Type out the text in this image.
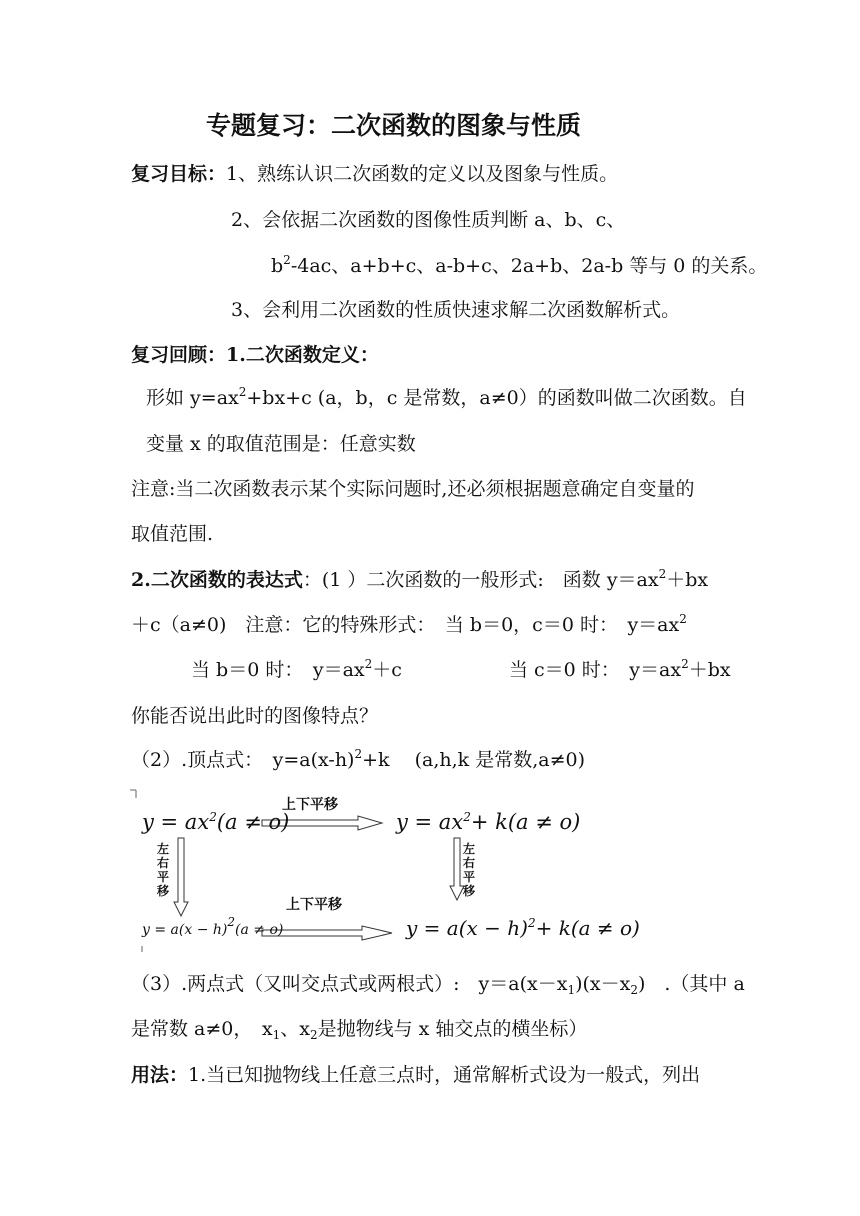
专题复习：二次函数的图象与性质
复习目标：1、熟练认识二次函数的定义以及图象与性质。
2、会依据二次函数的图像性质判断 a、b、c、
$b^2-4ac$、a+b+c、a-b+c、2a+b、2a-b 等与 0 的关系。
3、会利用二次函数的性质快速求解二次函数解析式。
复习回顾：1.二次函数定义：
形如 $y=ax^2+bx+c$ (a，b，c 是常数，a≠0）的函数叫做二次函数。自
变量 x 的取值范围是：任意实数
注意:当二次函数表示某个实际问题时,还必须根据题意确定自变量的
取值范围.
2.二次函数的表达式：(1 ）二次函数的一般形式:　函数 $y=ax^2+bx$
＋c（a≠0)　注意：它的特殊形式：　当 b＝0，c＝0 时：　$y=ax^2$
当 b＝0 时：　$y=ax^2+c$	当 c＝0 时：　$y=ax^2+bx$
你能否说出此时的图像特点？
（2）.顶点式：　$y=a(x-h)^2+k$　 (a,h,k 是常数,a≠0)
上下平移
上下平移
左右平移
左右平移
$y = ax^2(a \ne o)$	$y = ax^2+ k(a \ne o)$
$y = a(x - h)^2(a \ne o)$	$y = a(x - h)^2+ k(a \ne o)$
（3）.两点式（又叫交点式或两根式）:　$y=a(x-x_1)(x-x_2)$　.（其中 a
是常数 a≠0，　$x_1$、$x_2$是抛物线与 x 轴交点的横坐标）
用法：1.当已知抛物线上任意三点时，通常解析式设为一般式，列出
